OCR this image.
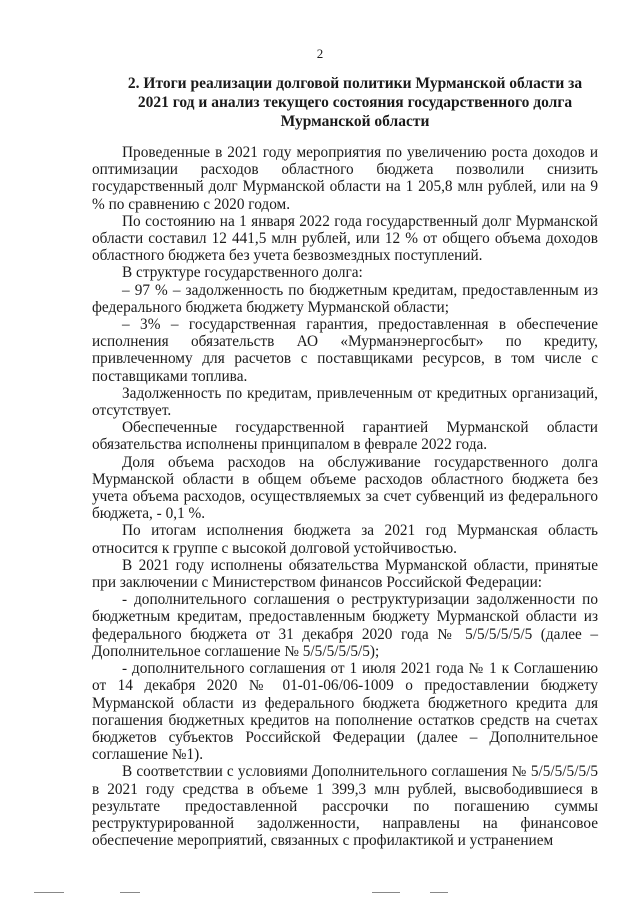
2
2. Итоги реализации долговой политики Мурманской области за 2021 год и анализ текущего состояния государственного долга Мурманской области

Проведенные в 2021 году мероприятия по увеличению роста доходов и оптимизации расходов областного бюджета позволили снизить государственный долг Мурманской области на 1 205,8 млн рублей, или на 9 % по сравнению с 2020 годом.

По состоянию на 1 января 2022 года государственный долг Мурманской области составил 12 441,5 млн рублей, или 12 % от общего объема доходов областного бюджета без учета безвозмездных поступлений.

В структуре государственного долга:

– 97 % – задолженность по бюджетным кредитам, предоставленным из федерального бюджета бюджету Мурманской области;

– 3% – государственная гарантия, предоставленная в обеспечение исполнения обязательств АО «Мурманэнергосбыт» по кредиту, привлеченному для расчетов с поставщиками ресурсов, в том числе с поставщиками топлива.

Задолженность по кредитам, привлеченным от кредитных организаций, отсутствует.

Обеспеченные государственной гарантией Мурманской области обязательства исполнены принципалом в феврале 2022 года.

Доля объема расходов на обслуживание государственного долга Мурманской области в общем объеме расходов областного бюджета без учета объема расходов, осуществляемых за счет субвенций из федерального бюджета, - 0,1 %.

По итогам исполнения бюджета за 2021 год Мурманская область относится к группе с высокой долговой устойчивостью.

В 2021 году исполнены обязательства Мурманской области, принятые при заключении с Министерством финансов Российской Федерации:

- дополнительного соглашения о реструктуризации задолженности по бюджетным кредитам, предоставленным бюджету Мурманской области из федерального бюджета от 31 декабря 2020 года № 5/5/5/5/5/5 (далее – Дополнительное соглашение № 5/5/5/5/5/5);

- дополнительного соглашения от 1 июля 2021 года № 1 к Соглашению от 14 декабря 2020 № 01-01-06/06-1009 о предоставлении бюджету Мурманской области из федерального бюджета бюджетного кредита для погашения бюджетных кредитов на пополнение остатков средств на счетах бюджетов субъектов Российской Федерации (далее – Дополнительное соглашение №1).

В соответствии с условиями Дополнительного соглашения № 5/5/5/5/5/5 в 2021 году средства в объеме 1 399,3 млн рублей, высвободившиеся в результате предоставленной рассрочки по погашению суммы реструктурированной задолженности, направлены на финансовое обеспечение мероприятий, связанных с профилактикой и устранением
